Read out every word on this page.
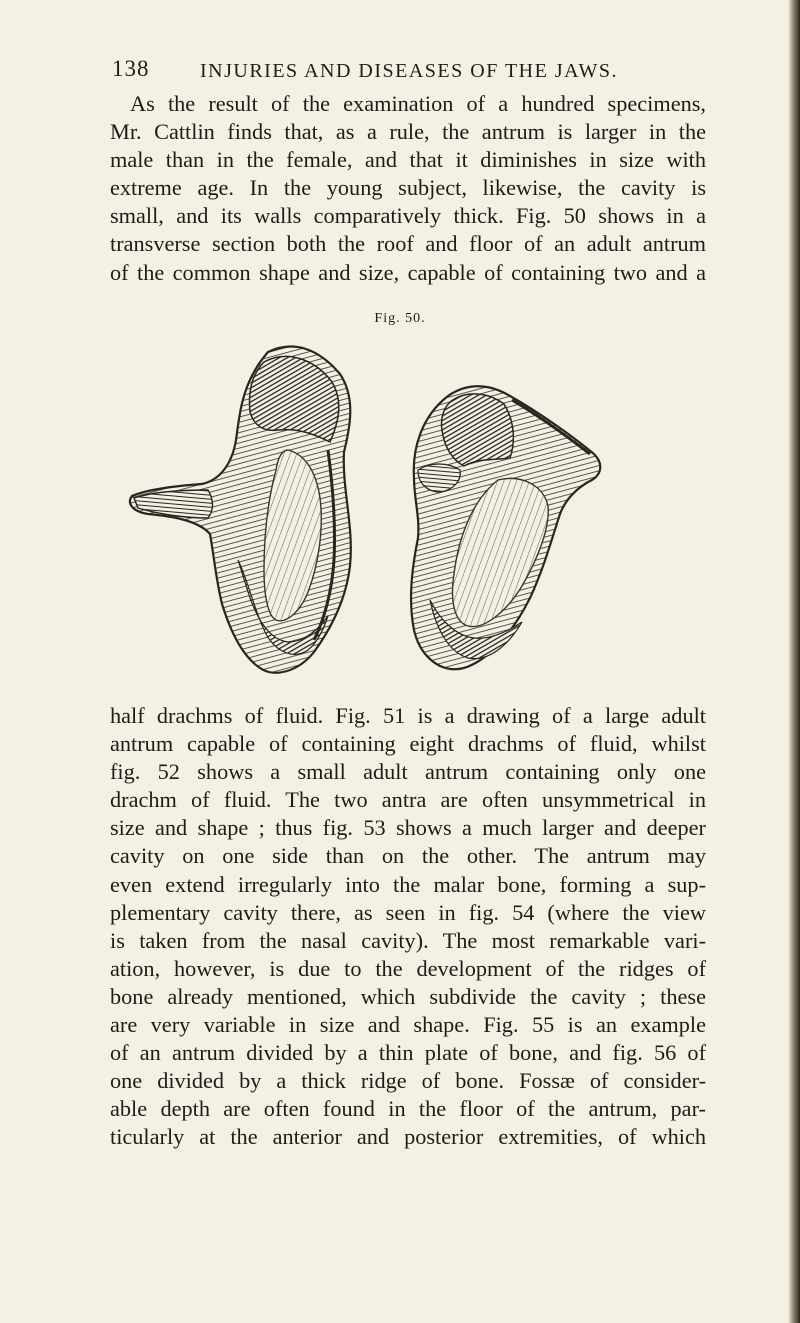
138	INJURIES AND DISEASES OF THE JAWS.
As the result of the examination of a hundred specimens,
Mr. Cattlin finds that, as a rule, the antrum is larger in the
male than in the female, and that it diminishes in size with
extreme age. In the young subject, likewise, the cavity is
small, and its walls comparatively thick. Fig. 50 shows in a
transverse section both the roof and floor of an adult antrum
of the common shape and size, capable of containing two and a
Fig. 50.
half drachms of fluid. Fig. 51 is a drawing of a large adult
antrum capable of containing eight drachms of fluid, whilst
fig. 52 shows a small adult antrum containing only one
drachm of fluid. The two antra are often unsymmetrical in
size and shape ; thus fig. 53 shows a much larger and deeper
cavity on one side than on the other. The antrum may
even extend irregularly into the malar bone, forming a sup-
plementary cavity there, as seen in fig. 54 (where the view
is taken from the nasal cavity). The most remarkable vari-
ation, however, is due to the development of the ridges of
bone already mentioned, which subdivide the cavity ; these
are very variable in size and shape. Fig. 55 is an example
of an antrum divided by a thin plate of bone, and fig. 56 of
one divided by a thick ridge of bone. Fossæ of consider-
able depth are often found in the floor of the antrum, par-
ticularly at the anterior and posterior extremities, of which
